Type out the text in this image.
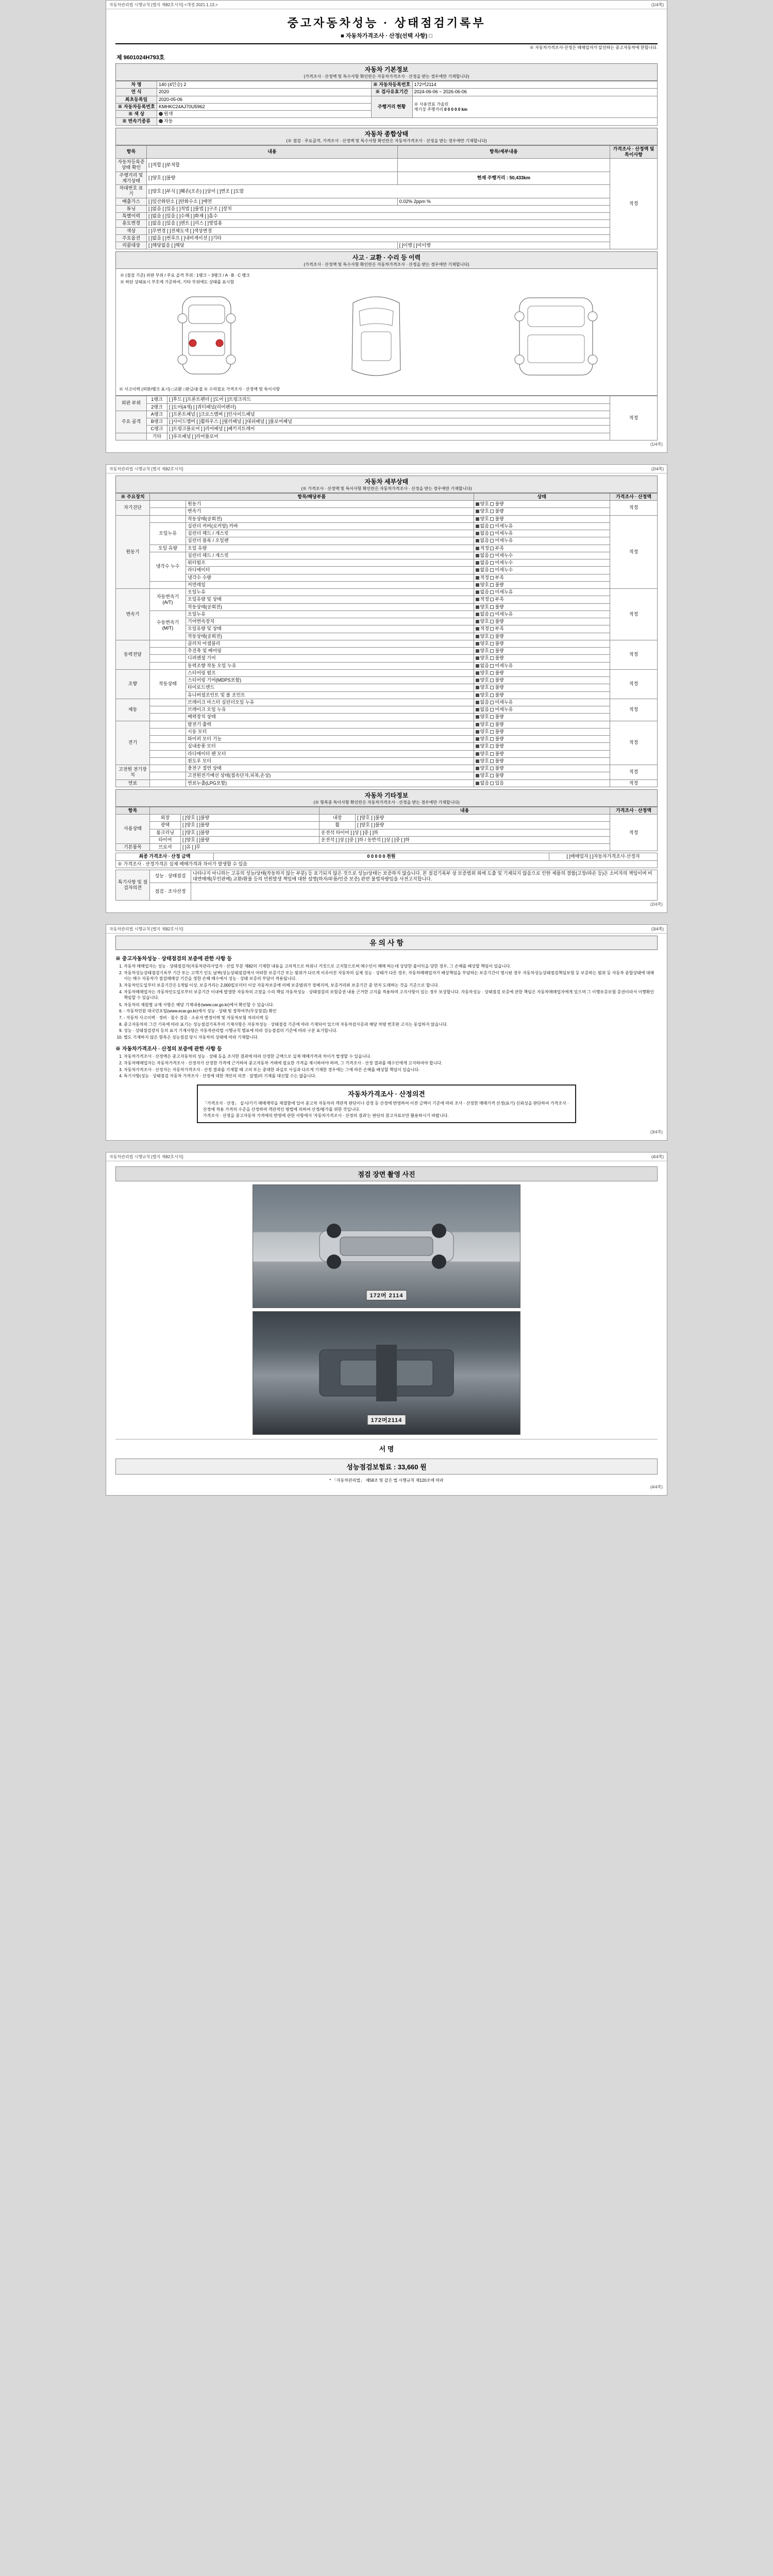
자동차관리법 시행규칙 [별지 제82호서식] <개정 2021.1.13.>	(1/4쪽)
중고자동차성능 · 상태점검기록부
■ 자동차가격조사 · 산정(선택 사항) □
※ 자동차가격조사·산정은 매매업자가 알선하는 중고자동차에 한합니다.
제 9601024H793호
자동차 기본정보
(가격조사 · 산정액 및 특수사항 확인란은 자동차가격조사 · 산정을 받는 경우에만 기재합니다)
차 명	140 (4인승) 2	※ 자동차등록번호	172머2114
연 식	2020	※ 검사유효기간	2024-06-06 ~ 2026-06-06
최초등록일	2020-05-06	주행거리 현황	※ 사용연료 가솔린
계기상 주행거리 0 0 0 0 0 km

※ 자동차등록번호	KMHKC24AJ70U5962		
※ 색 상	원색		
※ 변속기종류	자동		
자동차 종합상태
(※ 점검 · 주요골격, 가격조사 · 산정액 및 특수사항 확인란은 자동차가격조사 · 산정을 받는 경우에만 기재합니다)
항목	내용	항목/세부내용	가격조사 · 산정액 및 특이사항
자동차등록증 상태 확인	[ ]적합 [ ]부적합		적정
주행거리 및 계기상태	[ ]양호 [ ]불량	현재 주행거리 : 50,433km	
차대번호 표기	[ ]양호 [ ]부식 [ ]훼손(오손) [ ]상이 [ ]변조 [ ]도말		
배출가스	[ ]일산화탄소 [ ]탄화수소 [ ]매연	0.02% 2ppm %	
튜닝	[ ]없음 [ ]있음 [ ]적법 [ ]불법 [ ]구조 [ ]장치		
특별이력	[ ]없음 [ ]있음 [ ]수해 [ ]화재 [ ]흡수		
용도변경	[ ]없음 [ ]있음 [ ]렌트 [ ]리스 [ ]영업용		
색상	[ ]무변경 [ ]전체도색 [ ]색상변경		
주요옵션	[ ]없음 [ ]썬루프 [ ]내비게이션 [ ]기타		
리콜대상	[ ]해당없음 [ ]해당	[ ]이행 [ ]미이행	
사고 · 교환 · 수리 등 이력
(가격조사 · 산정액 및 특수사항 확인란은 자동차가격조사 · 산정을 받는 경우에만 기재합니다)
※ (점검 기준) 외판 부위 / 주요 골격 부위 : 1랭크 ~ 3랭크 / A · B · C 랭크
※ 하단 상태표시 부호에 기준하여, 기타 부위에도 상태를 표시함
※ 사고이력 (외판/랭크 표시) □교환 □판금/용접 ※ 수리필요 가격조사 · 산정액 및 특이사항
외판 부위	1랭크	[ ]후드 [ ]프론트펜더 [ ]도어 [ ]트렁크리드	적정
	2랭크	[ ]도어(4개) [ ]쿼터패널(리어펜더)	
주요 골격	A랭크	[ ]프론트패널 [ ]크로스멤버 [ ]인사이드패널	
	B랭크	[ ]사이드멤버 [ ]휠하우스 [ ]필러패널 [ ]대쉬패널 [ ]플로어패널	
	C랭크	[ ]트렁크플로어 [ ]리어패널 [ ]패키지트레이	
	기타	[ ]루프패널 [ ]리어플로어	
(1/4쪽)
자동차관리법 시행규칙 [별지 제82호서식]	(2/4쪽)
자동차 세부상태
(※ 가격조사 · 산정액 및 특이사항 확인란은 자동차가격조사 · 산정을 받는 경우에만 기재합니다)
※ 주요장치	항목/해당부품		상태	가격조사 · 산정액
자기진단		원동기	양호 불량	적정
		변속기	양호 불량	
원동기		작동상태(공회전)	양호 불량	적정
	오일누유	실린더 커버(로커암) 카바	없음 미세누유	
		실린더 헤드 / 개스킷	없음 미세누유	
		실린더 블록 / 오일팬	없음 미세누유	
	오일 유량	오일 유량	적정 부족	
	냉각수 누수	실린더 헤드 / 개스킷	없음 미세누수	
		워터펌프	없음 미세누수	
		라디에이터	없음 미세누수	
		냉각수 수량	적정 부족	
		커먼레일	양호 불량	
변속기	자동변속기 (A/T)	오일누유	없음 미세누유	적정
		오일유량 및 상태	적정 부족	
		작동상태(공회전)	양호 불량	
	수동변속기 (M/T)	오일누유	없음 미세누유	
		기어변속장치	양호 불량	
		오일유량 및 상태	적정 부족	
		작동상태(공회전)	양호 불량	
동력전달		클러치 어셈블리	양호 불량	적정
		추진축 및 베어링	양호 불량	
		디퍼렌셜 기어	양호 불량	
		동력조향 작동 오일 누유	없음 미세누유	
조향	작동상태	스티어링 펌프	양호 불량	적정
		스티어링 기어(MDPS포함)	양호 불량	
		타이로드엔드	양호 불량	
		유니버셜조인트 및 볼 조인트	양호 불량	
제동		브레이크 마스터 실린더오일 누유	없음 미세누유	적정
		브레이크 오일 누유	없음 미세누유	
		배력장치 상태	양호 불량	
전기		발전기 출력	양호 불량	적정
		시동 모터	양호 불량	
		와이퍼 모터 기능	양호 불량	
		실내송풍 모터	양호 불량	
		라디에이터 팬 모터	양호 불량	
		윈도우 모터	양호 불량	
고전원 전기장치		충전구 절연 상태	양호 불량	적정
		고전원전기배선 상태(접속단자,피복,손상)	양호 불량	
연료		연료누출(LPG포함)	없음 있음	적정
자동차 기타정보
(※ 항목중 특이사항 확인란은 자동차가격조사 · 산정을 받는 경우에만 기재합니다)
항목			내용		가격조사 · 산정액
사용상태	외장	[ ]양호 [ ]불량	내장	[ ]양호 [ ]불량	적정
	광택	[ ]양호 [ ]불량	휠	[ ]양호 [ ]불량	
	룸크리닝	[ ]양호 [ ]불량	운전석 타이어 [ ]상 [ ]중 [ ]하		
	타이어	[ ]양호 [ ]불량	운전석 [ ]상 [ ]중 [ ]하 / 동반석 [ ]상 [ ]중 [ ]하		
기본품목	브로셔	[ ]유 [ ]무			
최종 가격조사 · 산정 금액	0 0 0 0 0 천원	[ ]매매업자 [ ]자동차가격조사·산정자
※ 가격조사 · 산정가격은 실제 매매가격과 차이가 발생할 수 있음
특기사항 및 점검자의견	성능 · 상태점검	나타나지 아니하는 고유의 성능/상태(작동하지 않는 부분) 등 표기되지 않은 것으로 성능/상태는 보증하지 않습니다. 본 점검기록부 상 보증범위 외에 도출 및 기재되지 않음으로 인한 제품의 결함(고장/파손 등)은 소비자의 책임이며 비대면매매(무인판매) 교환/환불 등의 민원발생 책임에 대한 설명(하자/부품/인증 보증) 관련 불법차량임을 사전고지합니다.
	점검 · 조사산정	
(2/4쪽)
자동차관리법 시행규칙 [별지 제82호서식]	(3/4쪽)
유 의 사 항
※ 중고자동차성능 · 상태점검의 보증에 관한 사항 등
1. 자동차 매매업자는 성능 · 상태점검자(자동차관리사업자 · 산업 부분 제82의 기재한 내용을 고의적으로 허위나 거짓으로 고지함으로써 매수인이 매매 하는데 상당한 불이익을 당한 경우, 그 손해를 배상할 책임이 있습니다.
2. 자동차성능상태점검기록부 기간 또는 고객기 인도 날짜(성능상태점검에서 어떠한 보증기간 또는 범위가 다르게 이루어진 자동차의 실제 성능 · 상태가 다른 경우, 자동차매매업자가 배상책임을 부담하는 보증기간이 명시된 경우 자동차성능상태점검책임보험 등 보증하는 범위 등 자동차 종합상태에 대해서는 매수 자동차가 점검매매상 기간을 정한 손해 매수에서 성능 · 상태 보증의 부담이 적용됩니다.
3. 자동차인도일부터 보증기간은 1개월 이상, 보증거리는 2,000킬로미터 이상 자동차보증에 의해 보증범위가 정해지며, 보증거리와 보증기간 중 먼저 도래하는 것을 기준으로 합니다.
4. 자동차매매업자는 자동차인도일로부터 보증기간 이내에 발생한 자동차의 고장을 수리 책임 자동차성능 · 상태점검의 보험증권 내용 근거한 고지를 적용하며 고지사항이 있는 경우 보상합니다. 자동차성능 · 상태점검 보증에 관한 책임은 자동차매매업자에게 있으며 그 이행보증보험 증권이라서 이행확인 책임할 수 있습니다.
5. 자동차의 제원별 규제 사항은 해당 기재내용(www.car.go.kr)에서 확인할 수 있습니다.
6. - 자동차민원 대국민포털(www.ecar.go.kr)에서 성능 · 상태 및 장착여부(무상점검) 확인
7. - 자동차 사고이력 · 정비 · 침수 검증 · 소유자 변경이력 및 자동차보험 처리이력 등
8. 중고자동차의 그간 기록에 따라 표기는 성능점검기록부의 기재사항은 자동차성능 · 상태점검 기준에 따라 기재되어 있으며 자동차검사증과 해당 차량 번호판 고지는 동일하지 않습니다.
9. 성능 · 상태점검장치 등의 표기 기재사항은 자동차관리법 시행규칙 별표에 따라 성능점검의 기준에 따라 구분 표기합니다.
10. 별도 기재하지 않은 항목은 성능점검 당시 자동차의 상태에 따라 기재합니다.
※ 자동차가격조사 · 산정의 보증에 관한 사항 등
1. 자동차가격조사 · 산정액은 중고자동차의 성능 · 상태 등을 조사한 결과에 따라 산정한 금액으로 실제 매매가격과 차이가 발생할 수 있습니다.
2. 자동차매매업자는 자동차가격조사 · 산정자가 산정한 가격에 근거하여 중고자동차 거래에 필요한 가격을 제시하여야 하며, 그 가격조사 · 산정 결과를 매수인에게 고지하여야 합니다.
3. 자동차가격조사 · 산정자는 자동차가격조사 · 산정 결과를 기재할 때 고의 또는 중대한 과실로 사실과 다르게 기재한 경우에는 그에 따른 손해를 배상할 책임이 있습니다.
4. 특기사항(성능 · 상태점검 자동차 가격조사 · 산정에 대한 개인의 의견 · 설명)의 기재를 대신할 수는 없습니다.
자동차가격조사 · 산정의견
「가격조사 · 산정」 실시/기기 매매계약을 체결함에 있어 중고차 자동차의 객관적 판단이나 감정 등 산정에 반영하여 이전 금액이 기준에 따라 조사 · 산정한 매매가격 산정(표기) 신뢰성을 판단하여 가격조사 · 산정에 적용 가격의 수준을 산정하며 객관적인 방법에 의하여 산정/평가를 위한 것입니다.
가격조사 · 산정을 중고자동차 가격에의 반영에 관한 사항에서 '자동차가격조사 · 산정의 결과'는 판단의 참고자료로만 활용하시기 바랍니다.
(3/4쪽)
자동차관리법 시행규칙 [별지 제82호서식]	(4/4쪽)
점검 장면 촬영 사진
172머 2114
172머2114
서 명
성능점검보험료 : 33,660 원
* 「자동차관리법」 제58조 및 같은 법 시행규칙 제120조에 따라
(4/4쪽)
